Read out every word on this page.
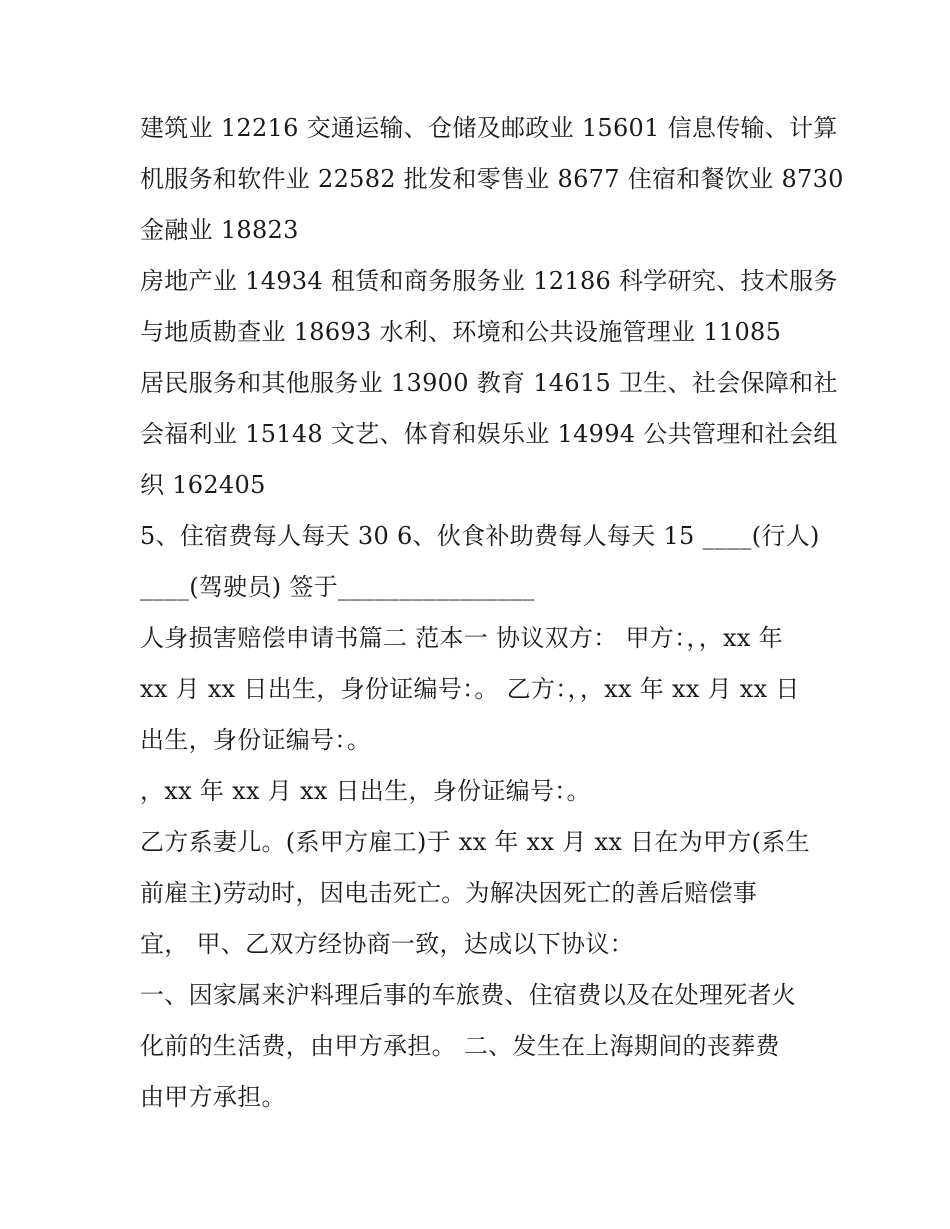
建筑业 12216 交通运输、仓储及邮政业 15601 信息传输、计算
机服务和软件业 22582 批发和零售业 8677 住宿和餐饮业 8730
金融业 18823
房地产业 14934 租赁和商务服务业 12186 科学研究、技术服务
与地质勘查业 18693 水利、环境和公共设施管理业 11085
居民服务和其他服务业 13900 教育 14615 卫生、社会保障和社
会福利业 15148 文艺、体育和娱乐业 14994 公共管理和社会组
织 162405
5、住宿费每人每天 30 6、伙食补助费每人每天 15 ____(行人)
____(驾驶员) 签于________________
人身损害赔偿申请书篇二 范本一 协议双方： 甲方：，，xx 年
xx 月 xx 日出生，身份证编号：。 乙方：，，xx 年 xx 月 xx 日
出生，身份证编号：。
，xx 年 xx 月 xx 日出生，身份证编号：。
乙方系妻儿。(系甲方雇工)于 xx 年 xx 月 xx 日在为甲方(系生
前雇主)劳动时，因电击死亡。为解决因死亡的善后赔偿事
宜， 甲、乙双方经协商一致，达成以下协议：
一、因家属来沪料理后事的车旅费、住宿费以及在处理死者火
化前的生活费，由甲方承担。 二、发生在上海期间的丧葬费
由甲方承担。
